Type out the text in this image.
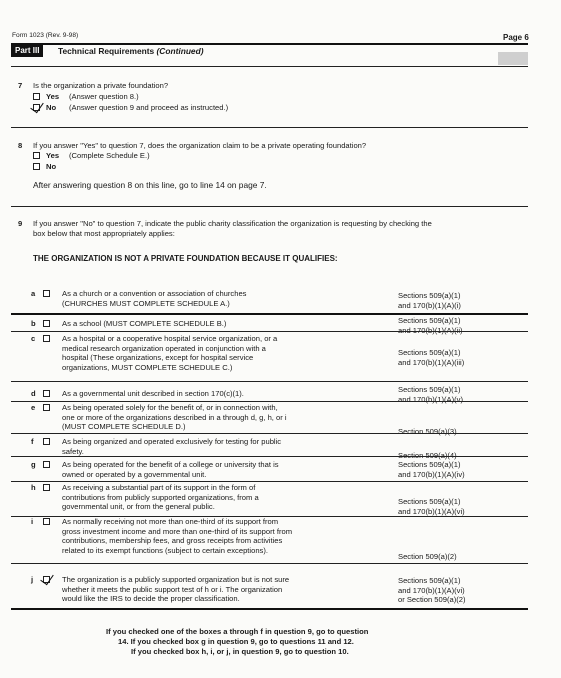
Form 1023 (Rev. 9-98)	Page 6
Part III	Technical Requirements (Continued)
7 Is the organization a private foundation?
Yes (Answer question 8.)
No (Answer question 9 and proceed as instructed.)
8 If you answer "Yes" to question 7, does the organization claim to be a private operating foundation?
Yes (Complete Schedule E.)
No
After answering question 8 on this line, go to line 14 on page 7.
9 If you answer "No" to question 7, indicate the public charity classification the organization is requesting by checking the
box below that most appropriately applies:
THE ORGANIZATION IS NOT A PRIVATE FOUNDATION BECAUSE IT QUALIFIES:
a	As a church or a convention or association of churches
(CHURCHES MUST COMPLETE SCHEDULE A.)
Sections 509(a)(1)
and 170(b)(1)(A)(i)
b	As a school (MUST COMPLETE SCHEDULE B.)	Sections 509(a)(1)
and 170(b)(1)(A)(ii)
c	As a hospital or a cooperative hospital service organization, or a
medical research organization operated in conjunction with a
hospital (These organizations, except for hospital service
organizations, MUST COMPLETE SCHEDULE C.)
Sections 509(a)(1)
and 170(b)(1)(A)(iii)
d	As a governmental unit described in section 170(c)(1).	Sections 509(a)(1)
and 170(b)(1)(A)(v)
e	As being operated solely for the benefit of, or in connection with,
one or more of the organizations described in a through d, g, h, or i
(MUST COMPLETE SCHEDULE D.)
Section 509(a)(3)
f	As being organized and operated exclusively for testing for public
safety.	Section 509(a)(4)
g	As being operated for the benefit of a college or university that is
owned or operated by a governmental unit.
Sections 509(a)(1)
and 170(b)(1)(A)(iv)
h	As receiving a substantial part of its support in the form of
contributions from publicly supported organizations, from a
governmental unit, or from the general public.
Sections 509(a)(1)
and 170(b)(1)(A)(vi)
i	As normally receiving not more than one-third of its support from
gross investment income and more than one-third of its support from
contributions, membership fees, and gross receipts from activities
related to its exempt functions (subject to certain exceptions).
Section 509(a)(2)
j	The organization is a publicly supported organization but is not sure
whether it meets the public support test of h or i. The organization
would like the IRS to decide the proper classification.
Sections 509(a)(1)
and 170(b)(1)(A)(vi)
or Section 509(a)(2)
If you checked one of the boxes a through f in question 9, go to question
14. If you checked box g in question 9, go to questions 11 and 12.
If you checked box h, i, or j, in question 9, go to question 10.
